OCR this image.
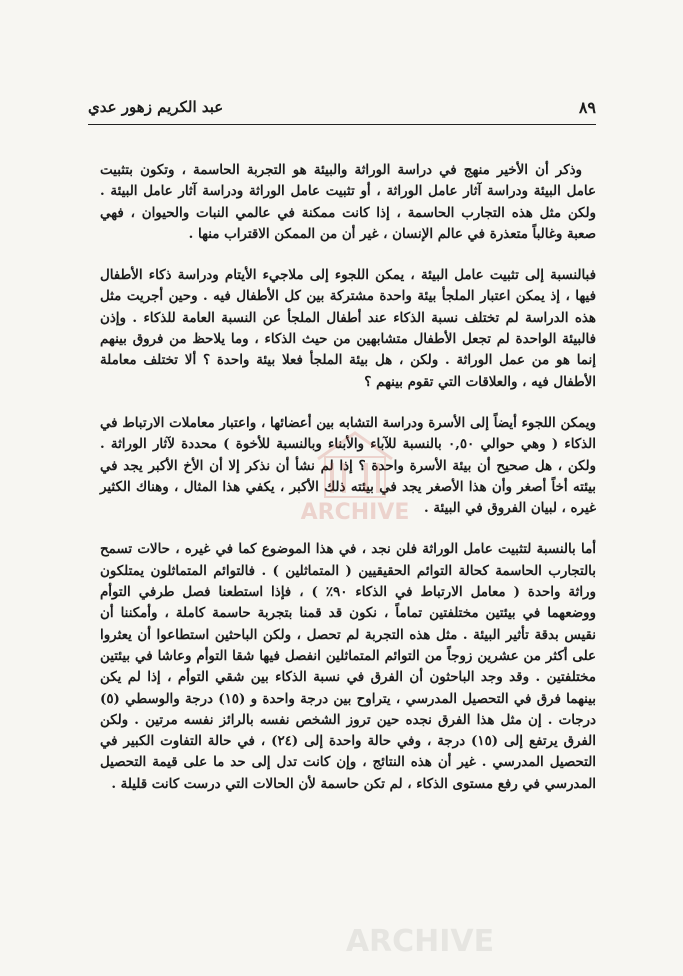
٨٩
عبد الكريم زهور عدي

وذكر أن الأخير منهج في دراسة الوراثة والبيئة هو التجربة الحاسمة ، وتكون بتثبيت عامل البيئة ودراسة آثار عامل الوراثة ، أو تثبيت عامل الوراثة ودراسة آثار عامل البيئة . ولكن مثل هذه التجارب الحاسمة ، إذا كانت ممكنة في عالمي النبات والحيوان ، فهي صعبة وغالباً متعذرة في عالم الإنسان ، غير أن من الممكن الاقتراب منها .

فبالنسبة إلى تثبيت عامل البيئة ، يمكن اللجوء إلى ملاجيء الأيتام ودراسة ذكاء الأطفال فيها ، إذ يمكن اعتبار الملجأ بيئة واحدة مشتركة بين كل الأطفال فيه . وحين أجريت مثل هذه الدراسة لم تختلف نسبة الذكاء عند أطفال الملجأ عن النسبة العامة للذكاء . وإذن فالبيئة الواحدة لم تجعل الأطفال متشابهين من حيث الذكاء ، وما يلاحظ من فروق بينهم إنما هو من عمل الوراثة . ولكن ، هل بيئة الملجأ فعلا بيئة واحدة ؟ ألا تختلف معاملة الأطفال فيه ، والعلاقات التي تقوم بينهم ؟

ويمكن اللجوء أيضاً إلى الأسرة ودراسة التشابه بين أعضائها ، واعتبار معاملات الارتباط في الذكاء ( وهي حوالي ٠,٥٠ بالنسبة للآباء والأبناء وبالنسبة للأخوة ) محددة لآثار الوراثة . ولكن ، هل صحيح أن بيئة الأسرة واحدة ؟ إذا لم نشأ أن نذكر إلا أن الأخ الأكبر يجد في بيئته أخاً أصغر وأن هذا الأصغر يجد في بيئته ذلك الأكبر ، يكفي هذا المثال ، وهناك الكثير غيره ، لبيان الفروق في البيئة .

أما بالنسبة لتثبيت عامل الوراثة فلن نجد ، في هذا الموضوع كما في غيره ، حالات تسمح بالتجارب الحاسمة كحالة التوائم الحقيقيين ( المتماثلين ) . فالتوائم المتماثلون يمتلكون وراثة واحدة ( معامل الارتباط في الذكاء ٩٠٪ ) ، فإذا استطعنا فصل طرفي التوأم ووضعهما في بيئتين مختلفتين تماماً ، نكون قد قمنا بتجربة حاسمة كاملة ، وأمكننا أن نقيس بدقة تأثير البيئة . مثل هذه التجربة لم تحصل ، ولكن الباحثين استطاعوا أن يعثروا على أكثر من عشرين زوجاً من التوائم المتماثلين انفصل فيها شقا التوأم وعاشا في بيئتين مختلفتين . وقد وجد الباحثون أن الفرق في نسبة الذكاء بين شقي التوأم ، إذا لم يكن بينهما فرق في التحصيل المدرسي ، يتراوح بين درجة واحدة و (١٥) درجة والوسطي (٥) درجات . إن مثل هذا الفرق نجده حين تروز الشخص نفسه بالرائز نفسه مرتين . ولكن الفرق يرتفع إلى (١٥) درجة ، وفي حالة واحدة إلى (٢٤) ، في حالة التفاوت الكبير في التحصيل المدرسي . غير أن هذه النتائج ، وإن كانت تدل إلى حد ما على قيمة التحصيل المدرسي في رفع مستوى الذكاء ، لم تكن حاسمة لأن الحالات التي درست كانت قليلة .

ARCHIVE
ARCHIVE
